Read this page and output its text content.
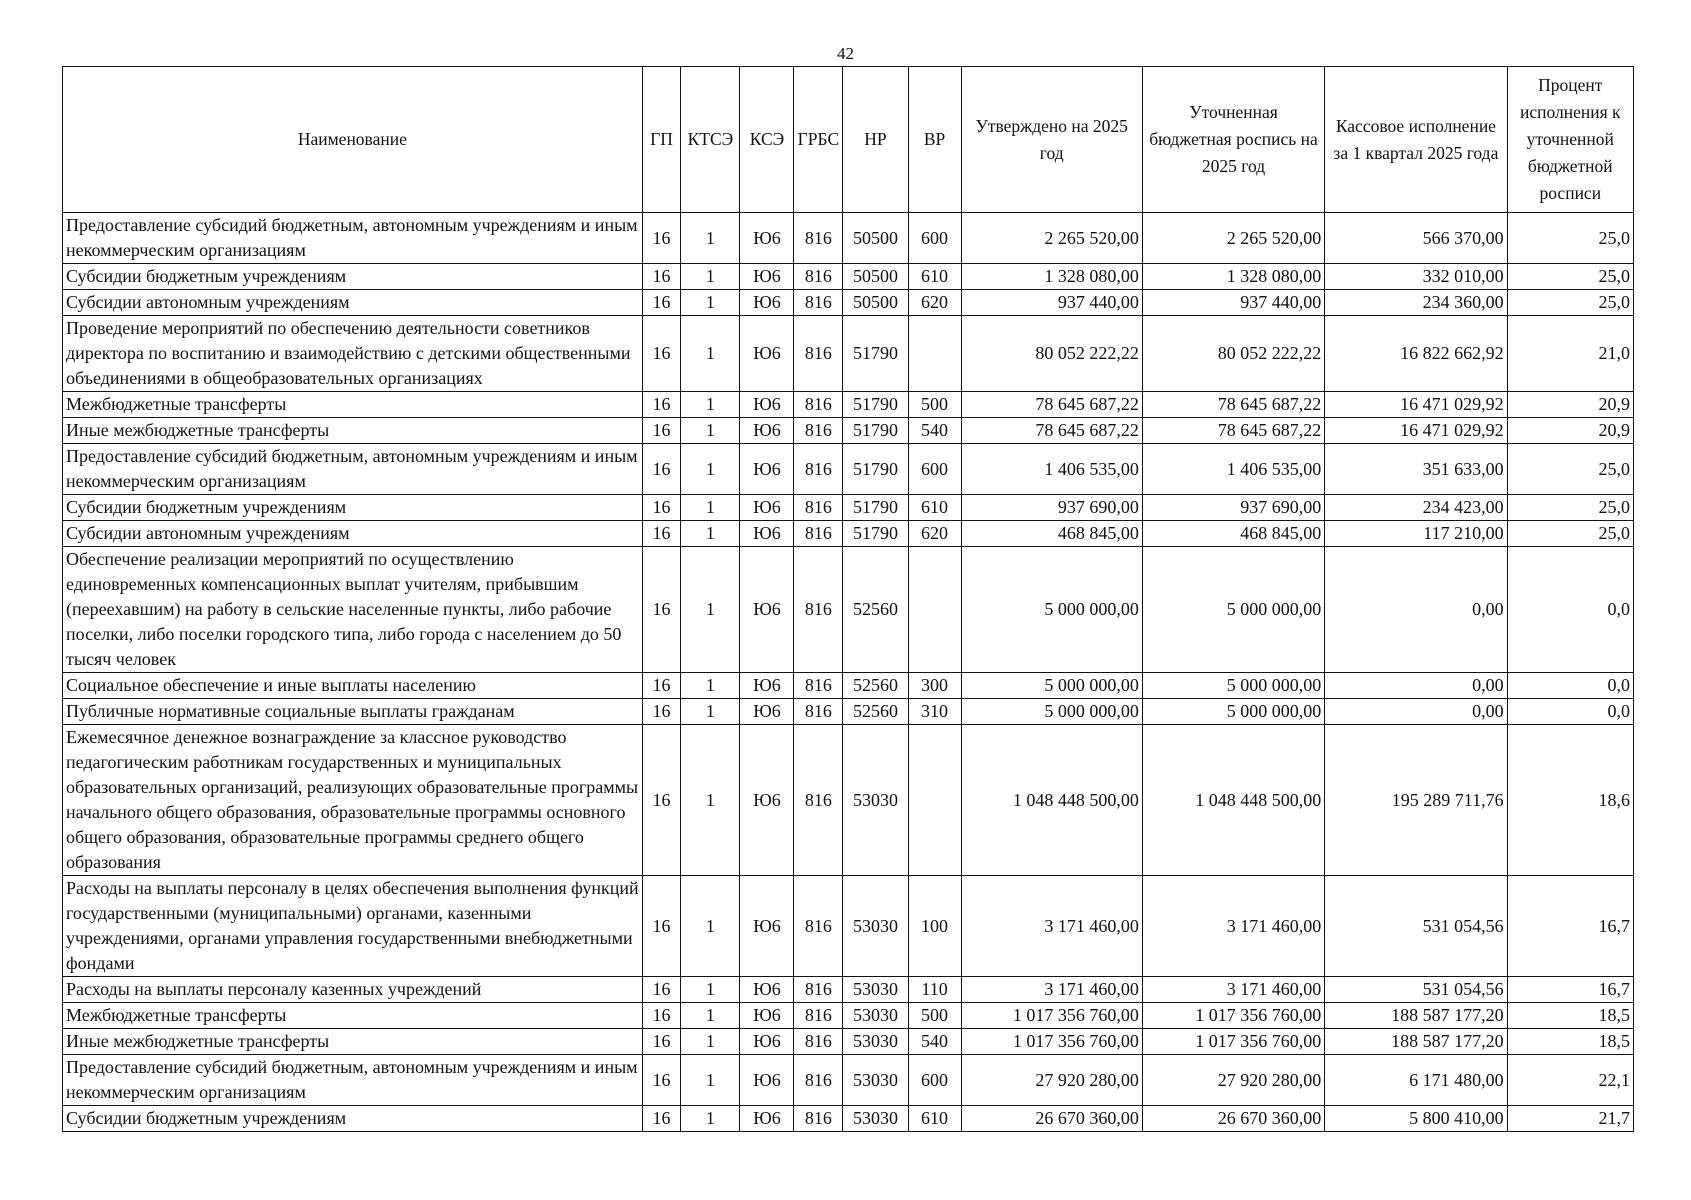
42
Наименование	ГП	КТСЭ	КСЭ	ГРБС	НР	ВР	Утверждено на 2025 год	Уточненная бюджетная роспись на 2025 год	Кассовое исполнение за 1 квартал 2025 года	Процент исполнения к уточненной бюджетной росписи
Предоставление субсидий бюджетным, автономным учреждениям и иным некоммерческим организациям	16	1	Ю6	816	50500	600	2 265 520,00	2 265 520,00	566 370,00	25,0
Субсидии бюджетным учреждениям	16	1	Ю6	816	50500	610	1 328 080,00	1 328 080,00	332 010,00	25,0
Субсидии автономным учреждениям	16	1	Ю6	816	50500	620	937 440,00	937 440,00	234 360,00	25,0
Проведение мероприятий по обеспечению деятельности советников директора по воспитанию и взаимодействию с детскими общественными объединениями в общеобразовательных организациях	16	1	Ю6	816	51790		80 052 222,22	80 052 222,22	16 822 662,92	21,0
Межбюджетные трансферты	16	1	Ю6	816	51790	500	78 645 687,22	78 645 687,22	16 471 029,92	20,9
Иные межбюджетные трансферты	16	1	Ю6	816	51790	540	78 645 687,22	78 645 687,22	16 471 029,92	20,9
Предоставление субсидий бюджетным, автономным учреждениям и иным некоммерческим организациям	16	1	Ю6	816	51790	600	1 406 535,00	1 406 535,00	351 633,00	25,0
Субсидии бюджетным учреждениям	16	1	Ю6	816	51790	610	937 690,00	937 690,00	234 423,00	25,0
Субсидии автономным учреждениям	16	1	Ю6	816	51790	620	468 845,00	468 845,00	117 210,00	25,0
Обеспечение реализации мероприятий по осуществлению единовременных компенсационных выплат учителям, прибывшим (переехавшим) на работу в сельские населенные пункты, либо рабочие поселки, либо поселки городского типа, либо города с населением до 50 тысяч человек	16	1	Ю6	816	52560		5 000 000,00	5 000 000,00	0,00	0,0
Социальное обеспечение и иные выплаты населению	16	1	Ю6	816	52560	300	5 000 000,00	5 000 000,00	0,00	0,0
Публичные нормативные социальные выплаты гражданам	16	1	Ю6	816	52560	310	5 000 000,00	5 000 000,00	0,00	0,0
Ежемесячное денежное вознаграждение за классное руководство педагогическим работникам государственных и муниципальных образовательных организаций, реализующих образовательные программы начального общего образования, образовательные программы основного общего образования, образовательные программы среднего общего образования	16	1	Ю6	816	53030		1 048 448 500,00	1 048 448 500,00	195 289 711,76	18,6
Расходы на выплаты персоналу в целях обеспечения выполнения функций государственными (муниципальными) органами, казенными учреждениями, органами управления государственными внебюджетными фондами	16	1	Ю6	816	53030	100	3 171 460,00	3 171 460,00	531 054,56	16,7
Расходы на выплаты персоналу казенных учреждений	16	1	Ю6	816	53030	110	3 171 460,00	3 171 460,00	531 054,56	16,7
Межбюджетные трансферты	16	1	Ю6	816	53030	500	1 017 356 760,00	1 017 356 760,00	188 587 177,20	18,5
Иные межбюджетные трансферты	16	1	Ю6	816	53030	540	1 017 356 760,00	1 017 356 760,00	188 587 177,20	18,5
Предоставление субсидий бюджетным, автономным учреждениям и иным некоммерческим организациям	16	1	Ю6	816	53030	600	27 920 280,00	27 920 280,00	6 171 480,00	22,1
Субсидии бюджетным учреждениям	16	1	Ю6	816	53030	610	26 670 360,00	26 670 360,00	5 800 410,00	21,7
